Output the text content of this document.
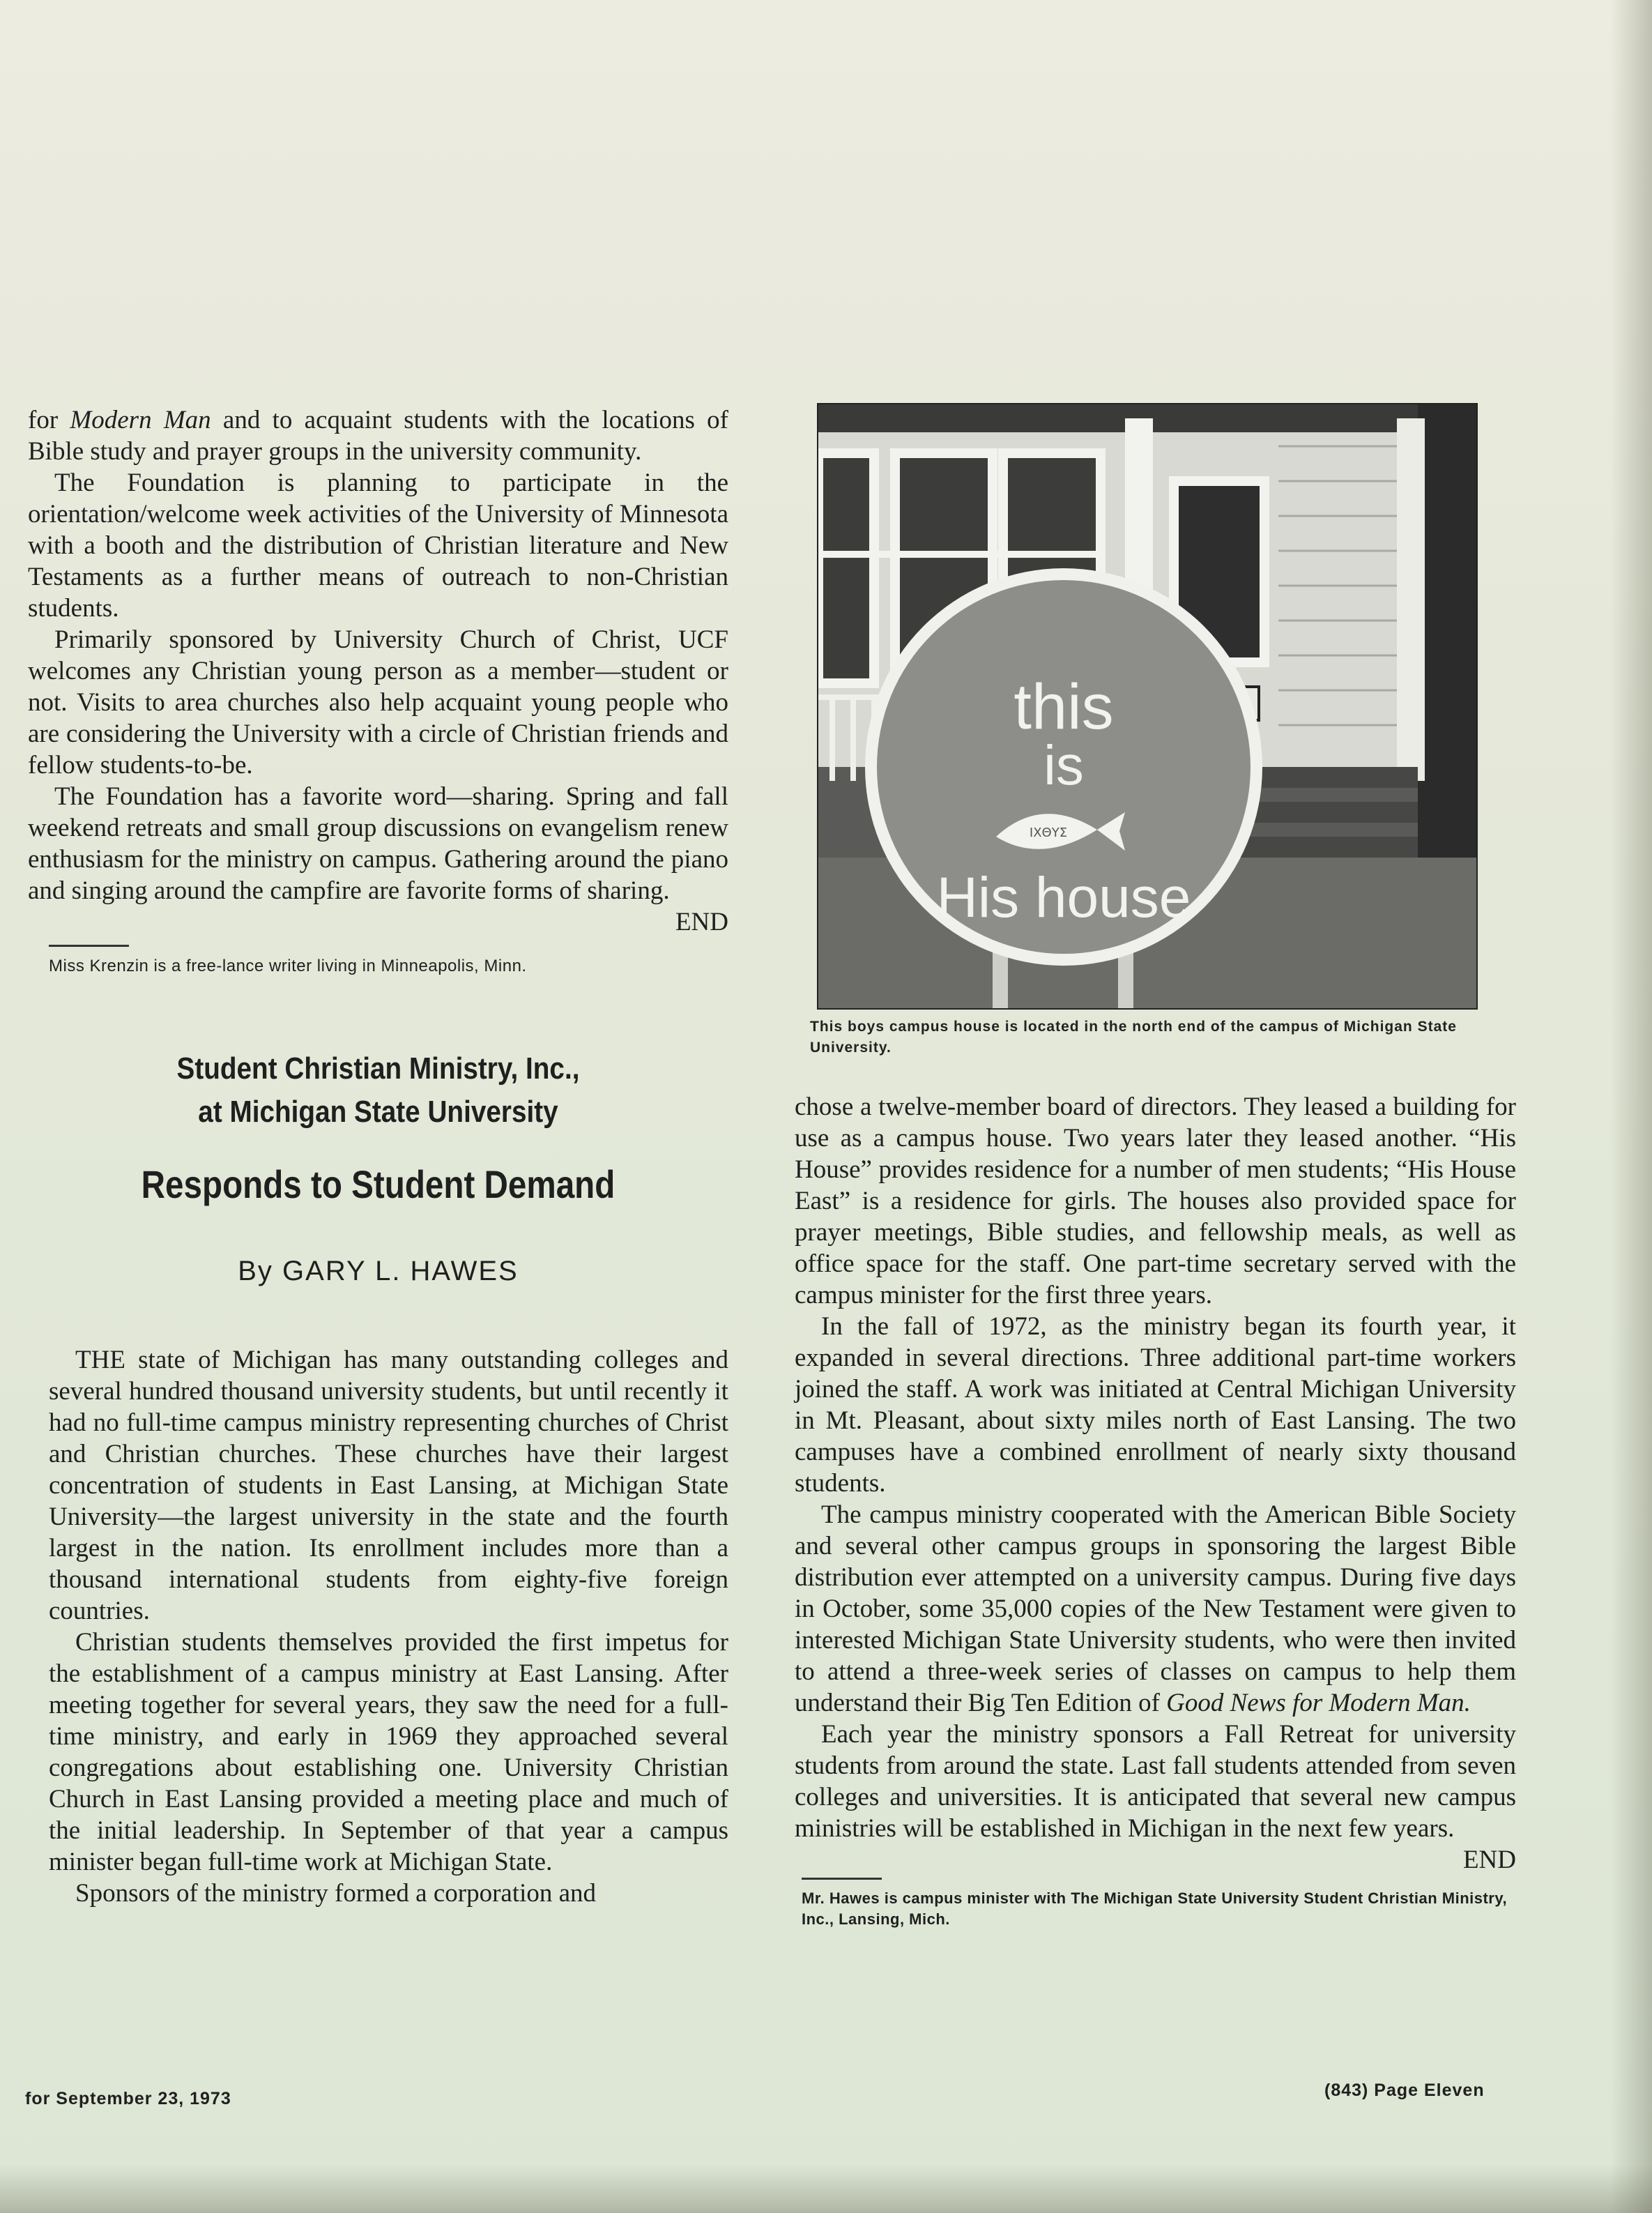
for Modern Man and to acquaint students with the locations of Bible study and prayer groups in the university community.

The Foundation is planning to participate in the orientation/welcome week activities of the University of Minnesota with a booth and the distribution of Christian literature and New Testaments as a further means of outreach to non-Christian students.

Primarily sponsored by University Church of Christ, UCF welcomes any Christian young person as a member—student or not. Visits to area churches also help acquaint young people who are considering the University with a circle of Christian friends and fellow students-to-be.

The Foundation has a favorite word—sharing. Spring and fall weekend retreats and small group discussions on evangelism renew enthusiasm for the ministry on campus. Gathering around the piano and singing around the campfire are favorite forms of sharing.
END

Miss Krenzin is a free-lance writer living in Minneapolis, Minn.

Student Christian Ministry, Inc.,

at Michigan State University

Responds to Student Demand

By GARY L. HAWES

THE state of Michigan has many outstanding colleges and several hundred thousand university students, but until recently it had no full-time campus ministry representing churches of Christ and Christian churches. These churches have their largest concentration of students in East Lansing, at Michigan State University—the largest university in the state and the fourth largest in the nation. Its enrollment includes more than a thousand international students from eighty-five foreign countries.

Christian students themselves provided the first impetus for the establishment of a campus ministry at East Lansing. After meeting together for several years, they saw the need for a full-time ministry, and early in 1969 they approached several congregations about establishing one. University Christian Church in East Lansing provided a meeting place and much of the initial leadership. In September of that year a campus minister began full-time work at Michigan State.

Sponsors of the ministry formed a corporation and

this
is
ΙΧΘΥΣ
His house
This boys campus house is located in the north end of the campus of Michigan State University.

chose a twelve-member board of directors. They leased a building for use as a campus house. Two years later they leased another. “His House” provides residence for a number of men students; “His House East” is a residence for girls. The houses also provided space for prayer meetings, Bible studies, and fellowship meals, as well as office space for the staff. One part-time secretary served with the campus minister for the first three years.

In the fall of 1972, as the ministry began its fourth year, it expanded in several directions. Three additional part-time workers joined the staff. A work was initiated at Central Michigan University in Mt. Pleasant, about sixty miles north of East Lansing. The two campuses have a combined enrollment of nearly sixty thousand students.

The campus ministry cooperated with the American Bible Society and several other campus groups in sponsoring the largest Bible distribution ever attempted on a university campus. During five days in October, some 35,000 copies of the New Testament were given to interested Michigan State University students, who were then invited to attend a three-week series of classes on campus to help them understand their Big Ten Edition of Good News for Modern Man.

Each year the ministry sponsors a Fall Retreat for university students from around the state. Last fall students attended from seven colleges and universities. It is anticipated that several new campus ministries will be established in Michigan in the next few years.
END

Mr. Hawes is campus minister with The Michigan State University Student Christian Ministry, Inc., Lansing, Mich.

for September 23, 1973	(843) Page Eleven
